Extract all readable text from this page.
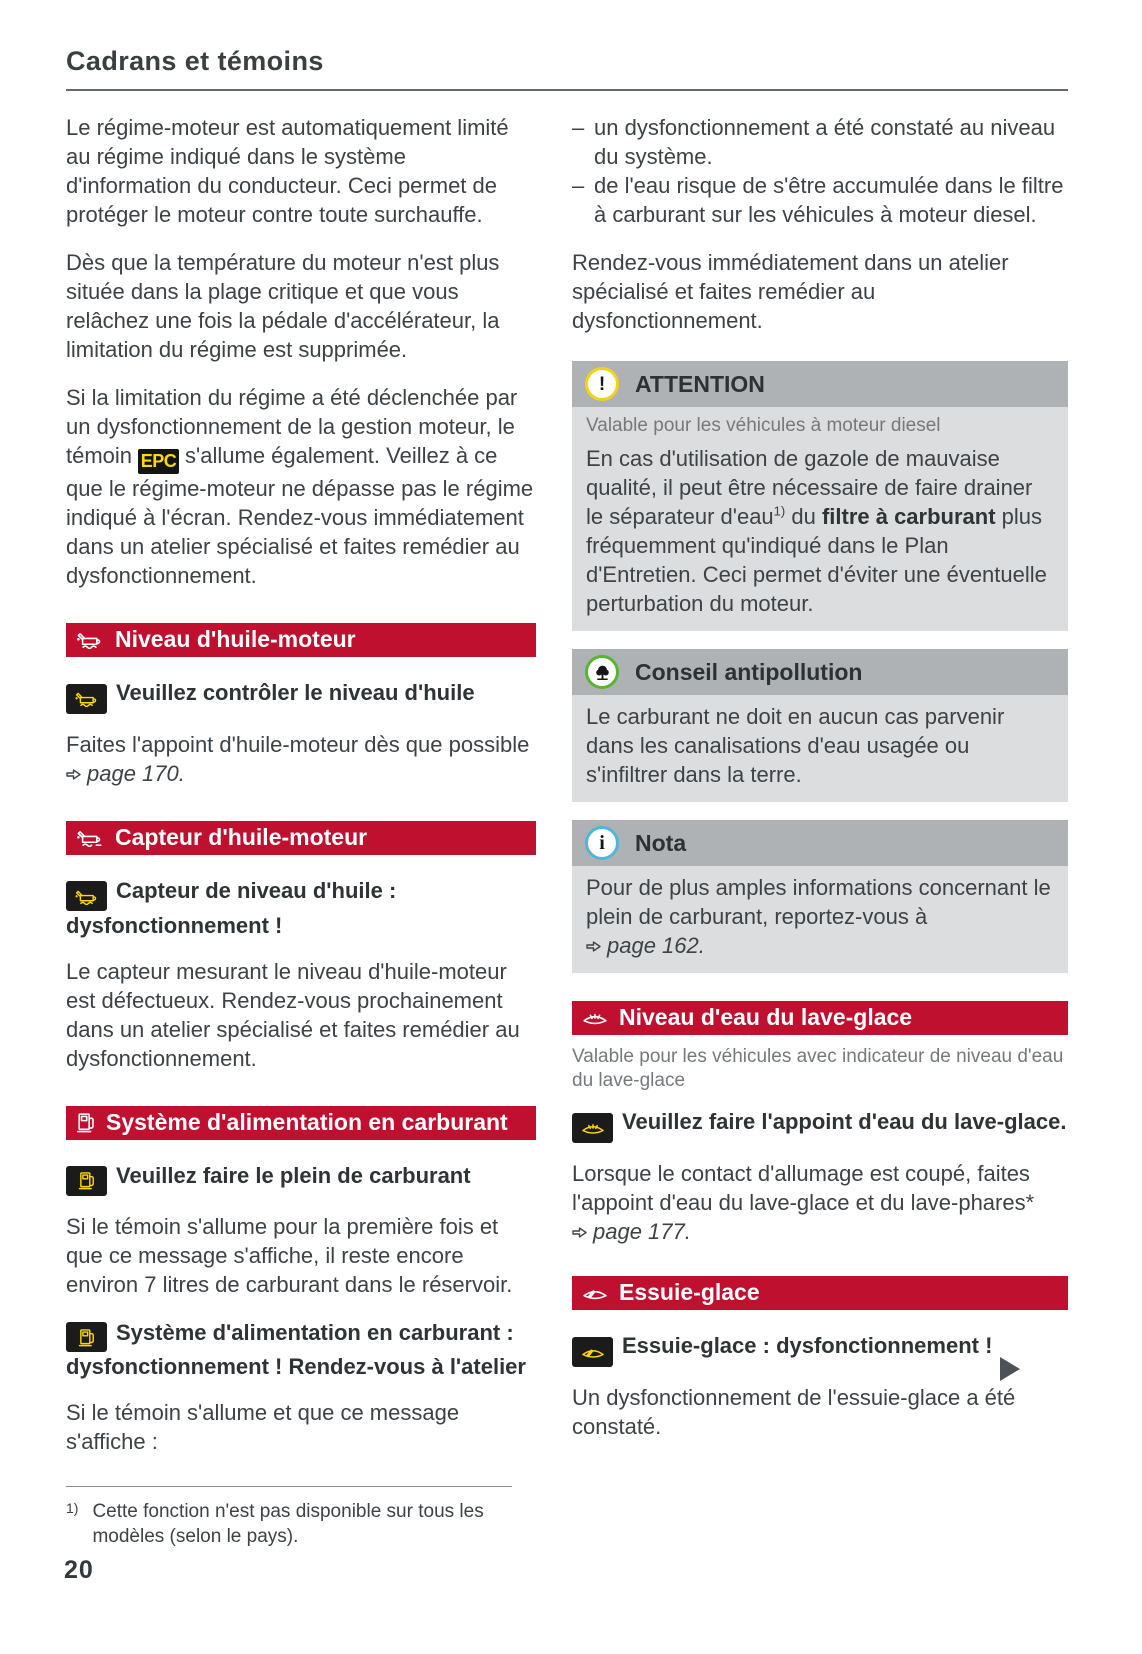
Cadrans et témoins

Le régime-moteur est automatiquement limité au régime indiqué dans le système d'information du conducteur. Ceci permet de protéger le moteur contre toute surchauffe.

Dès que la température du moteur n'est plus située dans la plage critique et que vous relâchez une fois la pédale d'accélérateur, la limitation du régime est supprimée.

Si la limitation du régime a été déclenchée par un dysfonctionnement de la gestion moteur, le témoin EPC s'allume également. Veillez à ce que le régime-moteur ne dépasse pas le régime indiqué à l'écran. Rendez-vous immédiatement dans un atelier spécialisé et faites remédier au dysfonctionnement.

Niveau d'huile-moteur

Veuillez contrôler le niveau d'huile

Faites l'appoint d'huile-moteur dès que possible
page 170.

Capteur d'huile-moteur

Capteur de niveau d'huile : dysfonctionnement !

Le capteur mesurant le niveau d'huile-moteur est défectueux. Rendez-vous prochainement dans un atelier spécialisé et faites remédier au dysfonctionnement.

Système d'alimentation en carburant

Veuillez faire le plein de carburant

Si le témoin s'allume pour la première fois et que ce message s'affiche, il reste encore environ 7 litres de carburant dans le réservoir.

Système d'alimentation en carburant : dysfonctionnement ! Rendez-vous à l'atelier

Si le témoin s'allume et que ce message s'affiche :

– un dysfonctionnement a été constaté au niveau du système.
– de l'eau risque de s'être accumulée dans le filtre à carburant sur les véhicules à moteur diesel.

Rendez-vous immédiatement dans un atelier spécialisé et faites remédier au dysfonctionnement.

! ATTENTION
Valable pour les véhicules à moteur diesel
En cas d'utilisation de gazole de mauvaise qualité, il peut être nécessaire de faire drainer le séparateur d'eau$^{1)}$ du filtre à carburant plus fréquemment qu'indiqué dans le Plan d'Entretien. Ceci permet d'éviter une éventuelle perturbation du moteur.
Conseil antipollution
Le carburant ne doit en aucun cas parvenir dans les canalisations d'eau usagée ou s'infiltrer dans la terre.
i Nota
Pour de plus amples informations concernant le plein de carburant, reportez-vous à
page 162.
Niveau d'eau du lave-glace

Valable pour les véhicules avec indicateur de niveau d'eau du lave-glace

Veuillez faire l'appoint d'eau du lave-glace.

Lorsque le contact d'allumage est coupé, faites l'appoint d'eau du lave-glace et du lave-phares*
page 177.

Essuie-glace

Essuie-glace : dysfonctionnement !

Un dysfonctionnement de l'essuie-glace a été constaté.

1) Cette fonction n'est pas disponible sur tous les modèles (selon le pays).
20
